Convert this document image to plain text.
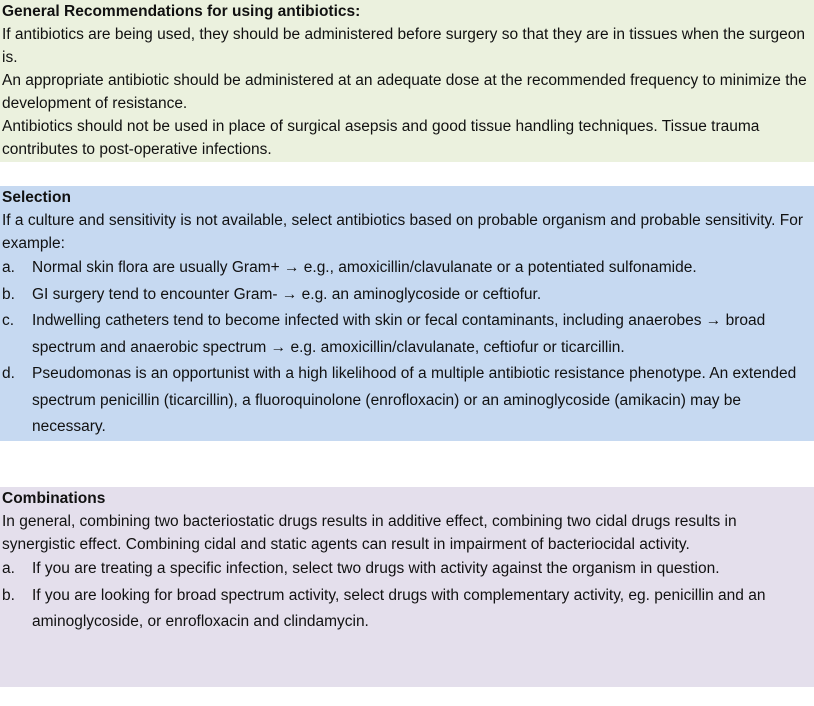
General Recommendations for using antibiotics:

If antibiotics are being used, they should be administered before surgery so that they are in tissues when the surgeon is.

An appropriate antibiotic should be administered at an adequate dose at the recommended frequency to minimize the development of resistance.

Antibiotics should not be used in place of surgical asepsis and good tissue handling techniques. Tissue trauma contributes to post-operative infections.

Selection

If a culture and sensitivity is not available, select antibiotics based on probable organism and probable sensitivity. For example:

a. Normal skin flora are usually Gram+ → e.g., amoxicillin/clavulanate or a potentiated sulfonamide.
b. GI surgery tend to encounter Gram- → e.g. an aminoglycoside or ceftiofur.
c. Indwelling catheters tend to become infected with skin or fecal contaminants, including anaerobes → broad spectrum and anaerobic spectrum → e.g. amoxicillin/clavulanate, ceftiofur or ticarcillin.
d. Pseudomonas is an opportunist with a high likelihood of a multiple antibiotic resistance phenotype. An extended spectrum penicillin (ticarcillin), a fluoroquinolone (enrofloxacin) or an aminoglycoside (amikacin) may be necessary.
Combinations

In general, combining two bacteriostatic drugs results in additive effect, combining two cidal drugs results in synergistic effect. Combining cidal and static agents can result in impairment of bacteriocidal activity.

a. If you are treating a specific infection, select two drugs with activity against the organism in question.
b. If you are looking for broad spectrum activity, select drugs with complementary activity, eg. penicillin and an aminoglycoside, or enrofloxacin and clindamycin.
